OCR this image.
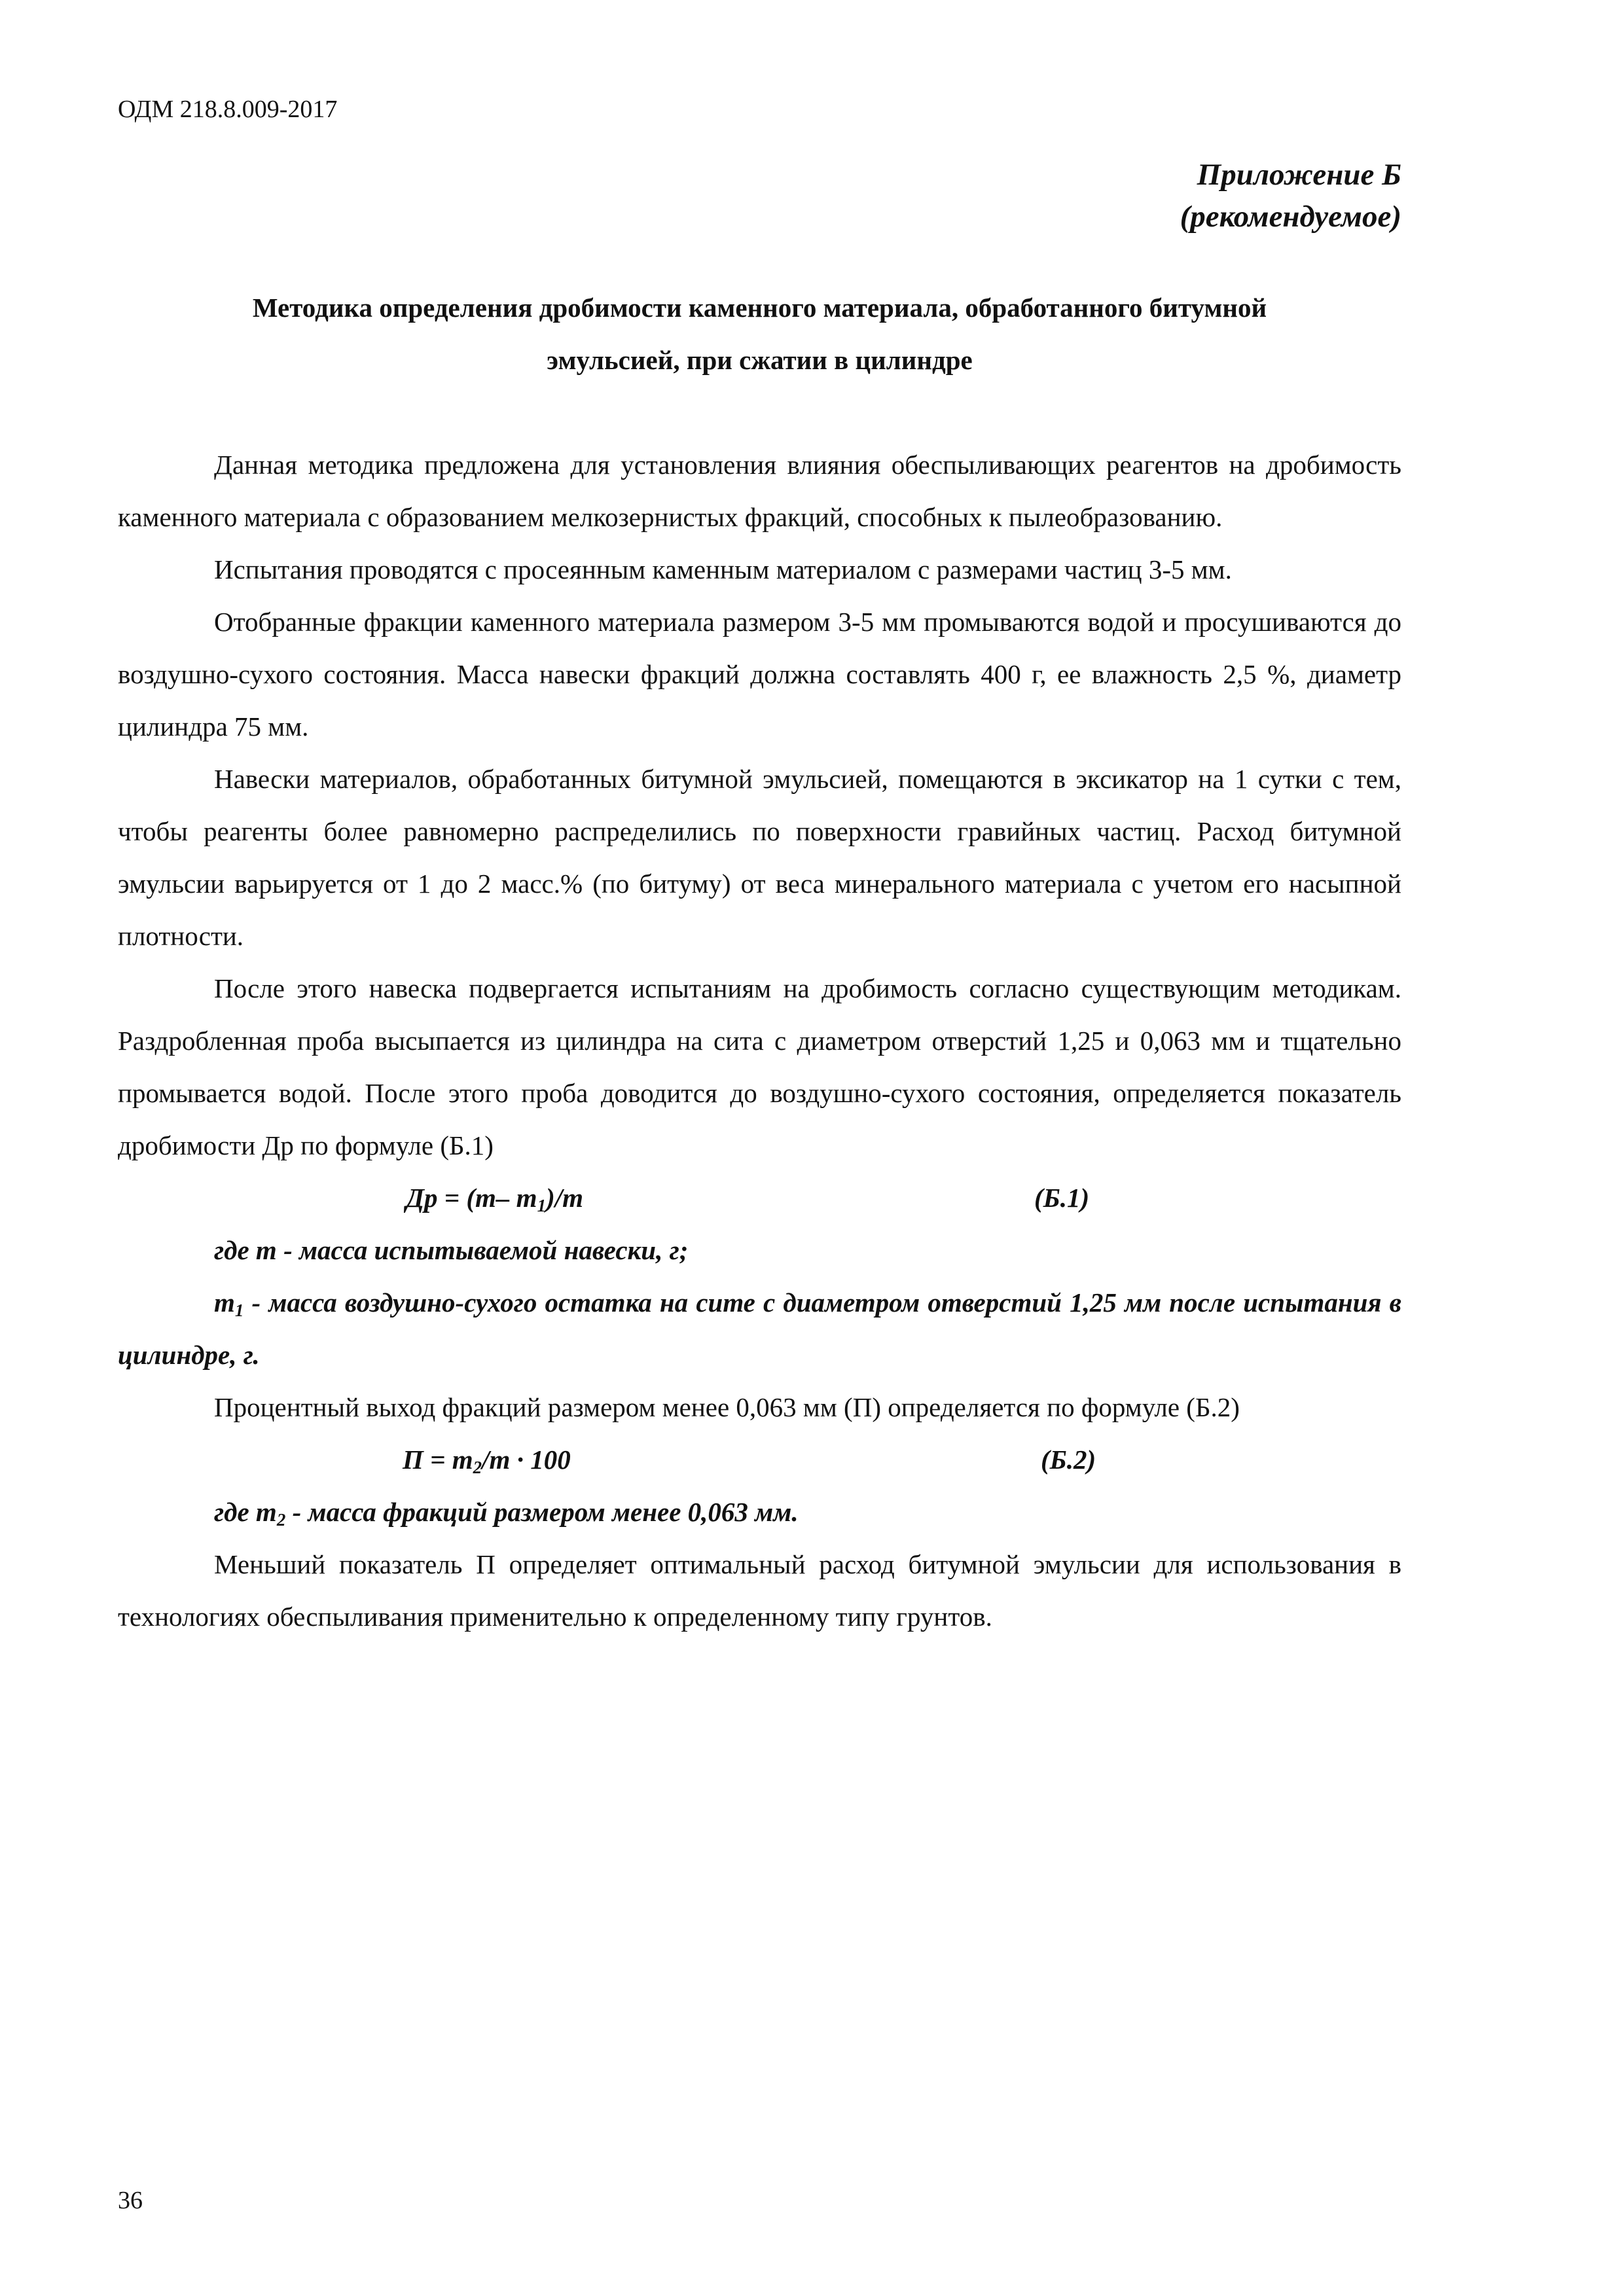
ОДМ 218.8.009-2017
Приложение Б
(рекомендуемое)
Методика определения дробимости каменного материала, обработанного битумной
эмульсией, при сжатии в цилиндре

Данная методика предложена для установления влияния обеспыливающих реагентов на дробимость каменного материала с образованием мелкозернистых фракций, способных к пылеобразованию.

Испытания проводятся с просеянным каменным материалом с размерами частиц 3-5 мм.

Отобранные фракции каменного материала размером 3-5 мм промываются водой и просушиваются до воздушно-сухого состояния. Масса навески фракций должна составлять 400 г, ее влажность 2,5 %, диаметр цилиндра 75 мм.

Навески материалов, обработанных битумной эмульсией, помещаются в эксикатор на 1 сутки с тем, чтобы реагенты более равномерно распределились по поверхности гравийных частиц. Расход битумной эмульсии варьируется от 1 до 2 масс.% (по битуму) от веса минерального материала с учетом его насыпной плотности.

После этого навеска подвергается испытаниям на дробимость согласно существующим методикам. Раздробленная проба высыпается из цилиндра на сита с диаметром отверстий 1,25 и 0,063 мм и тщательно промывается водой. После этого проба доводится до воздушно-сухого состояния, определяется показатель дробимости Др по формуле (Б.1)

Др = (m– $m_1)/m$	(Б.1)

где m - масса испытываемой навески, г;

$m_1$ - масса воздушно-сухого остатка на сите с диаметром отверстий 1,25 мм после испытания в цилиндре, г.

Процентный выход фракций размером менее 0,063 мм (П) определяется по формуле (Б.2)

$П = m_2/m \cdot 100$	(Б.2)

где $m_2$ - масса фракций размером менее 0,063 мм.

Меньший показатель П определяет оптимальный расход битумной эмульсии для использования в технологиях обеспыливания применительно к определенному типу грунтов.

36
